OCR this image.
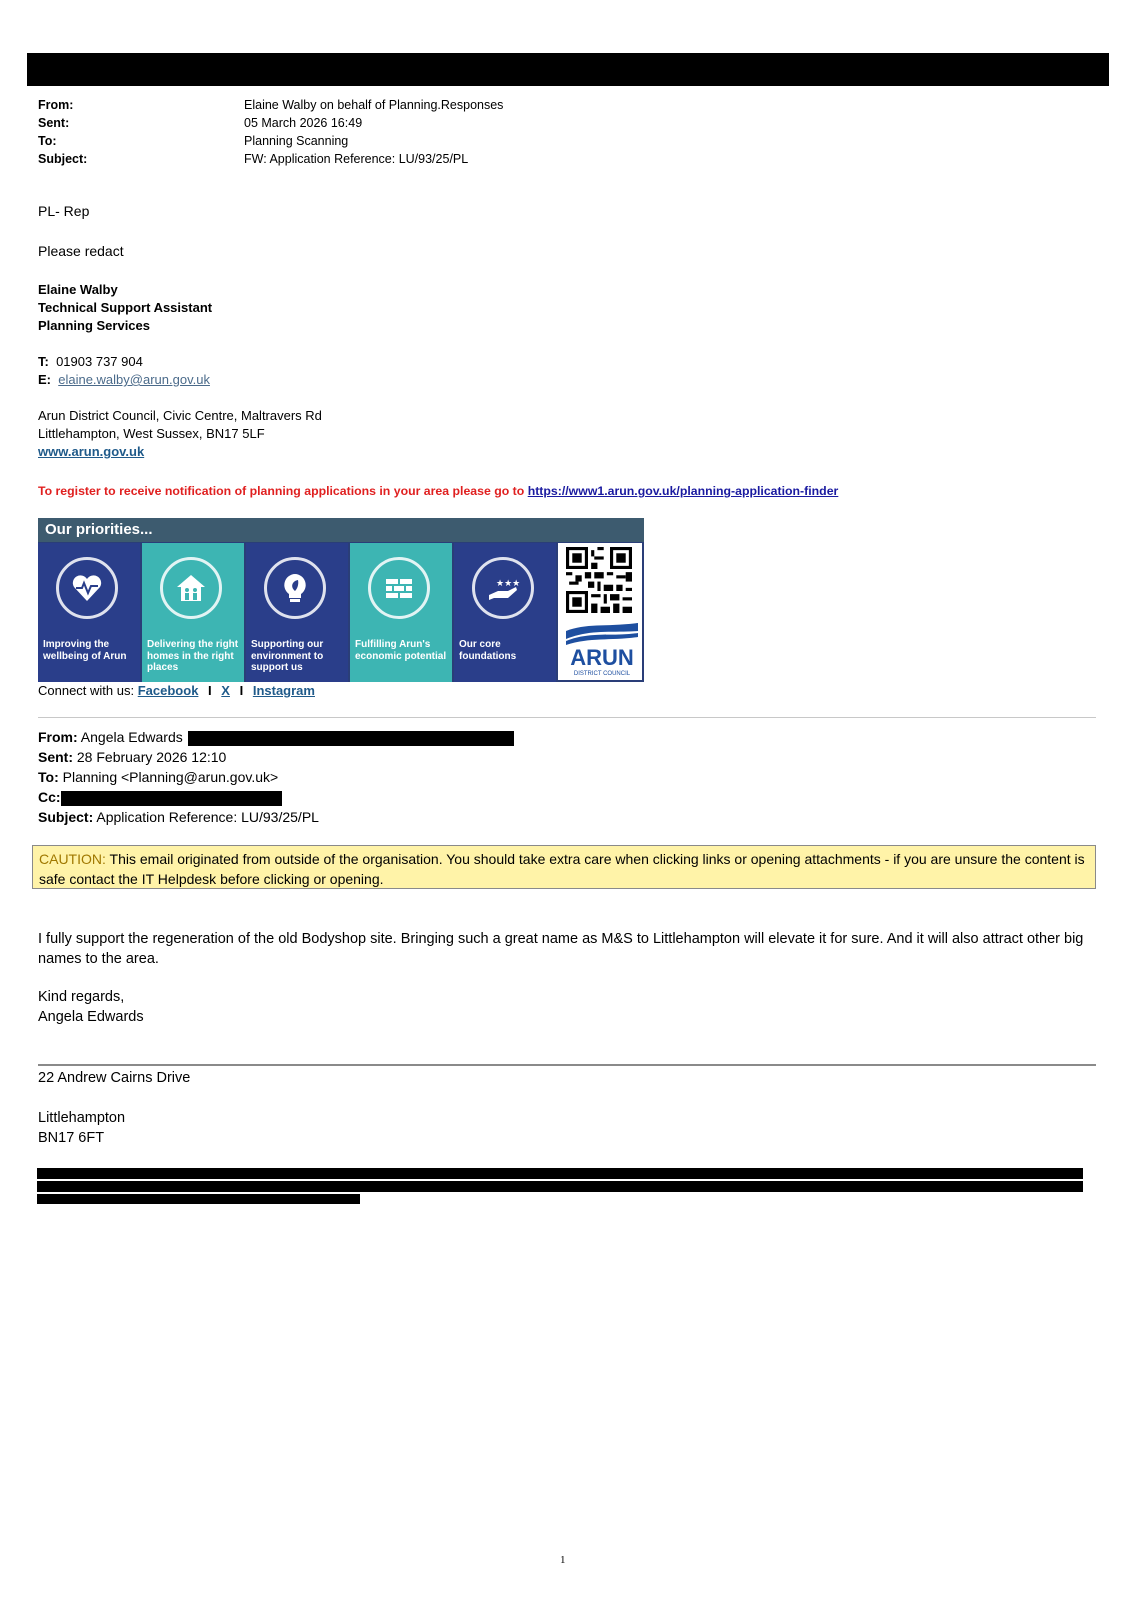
From:	Elaine Walby on behalf of Planning.Responses
Sent:	05 March 2026 16:49
To:	Planning Scanning
Subject:	FW: Application Reference: LU/93/25/PL
PL- Rep
Please redact
Elaine Walby
Technical Support Assistant
Planning Services
T: 01903 737 904
E: elaine.walby@arun.gov.uk
Arun District Council, Civic Centre, Maltravers Rd
Littlehampton, West Sussex, BN17 5LF
www.arun.gov.uk
To register to receive notification of planning applications in your area please go to https://www1.arun.gov.uk/planning-application-finder
Our priorities...
Improving the wellbeing of Arun
Delivering the right homes in the right places
Supporting our environment to support us
Fulfilling Arun's economic potential
★★★
Our core foundations	ARUN
DISTRICT COUNCIL
Connect with us: Facebook I X I Instagram
From: Angela Edwards
Sent: 28 February 2026 12:10
To: Planning <Planning@arun.gov.uk>
Cc:
Subject: Application Reference: LU/93/25/PL
CAUTION: This email originated from outside of the organisation. You should take extra care when clicking links or opening attachments - if you are unsure the content is safe contact the IT Helpdesk before clicking or opening.
I fully support the regeneration of the old Bodyshop site. Bringing such a great name as M&S to Littlehampton will elevate it for sure. And it will also attract other big names to the area.
Kind regards,
Angela Edwards
22 Andrew Cairns Drive
Littlehampton
BN17 6FT
1
